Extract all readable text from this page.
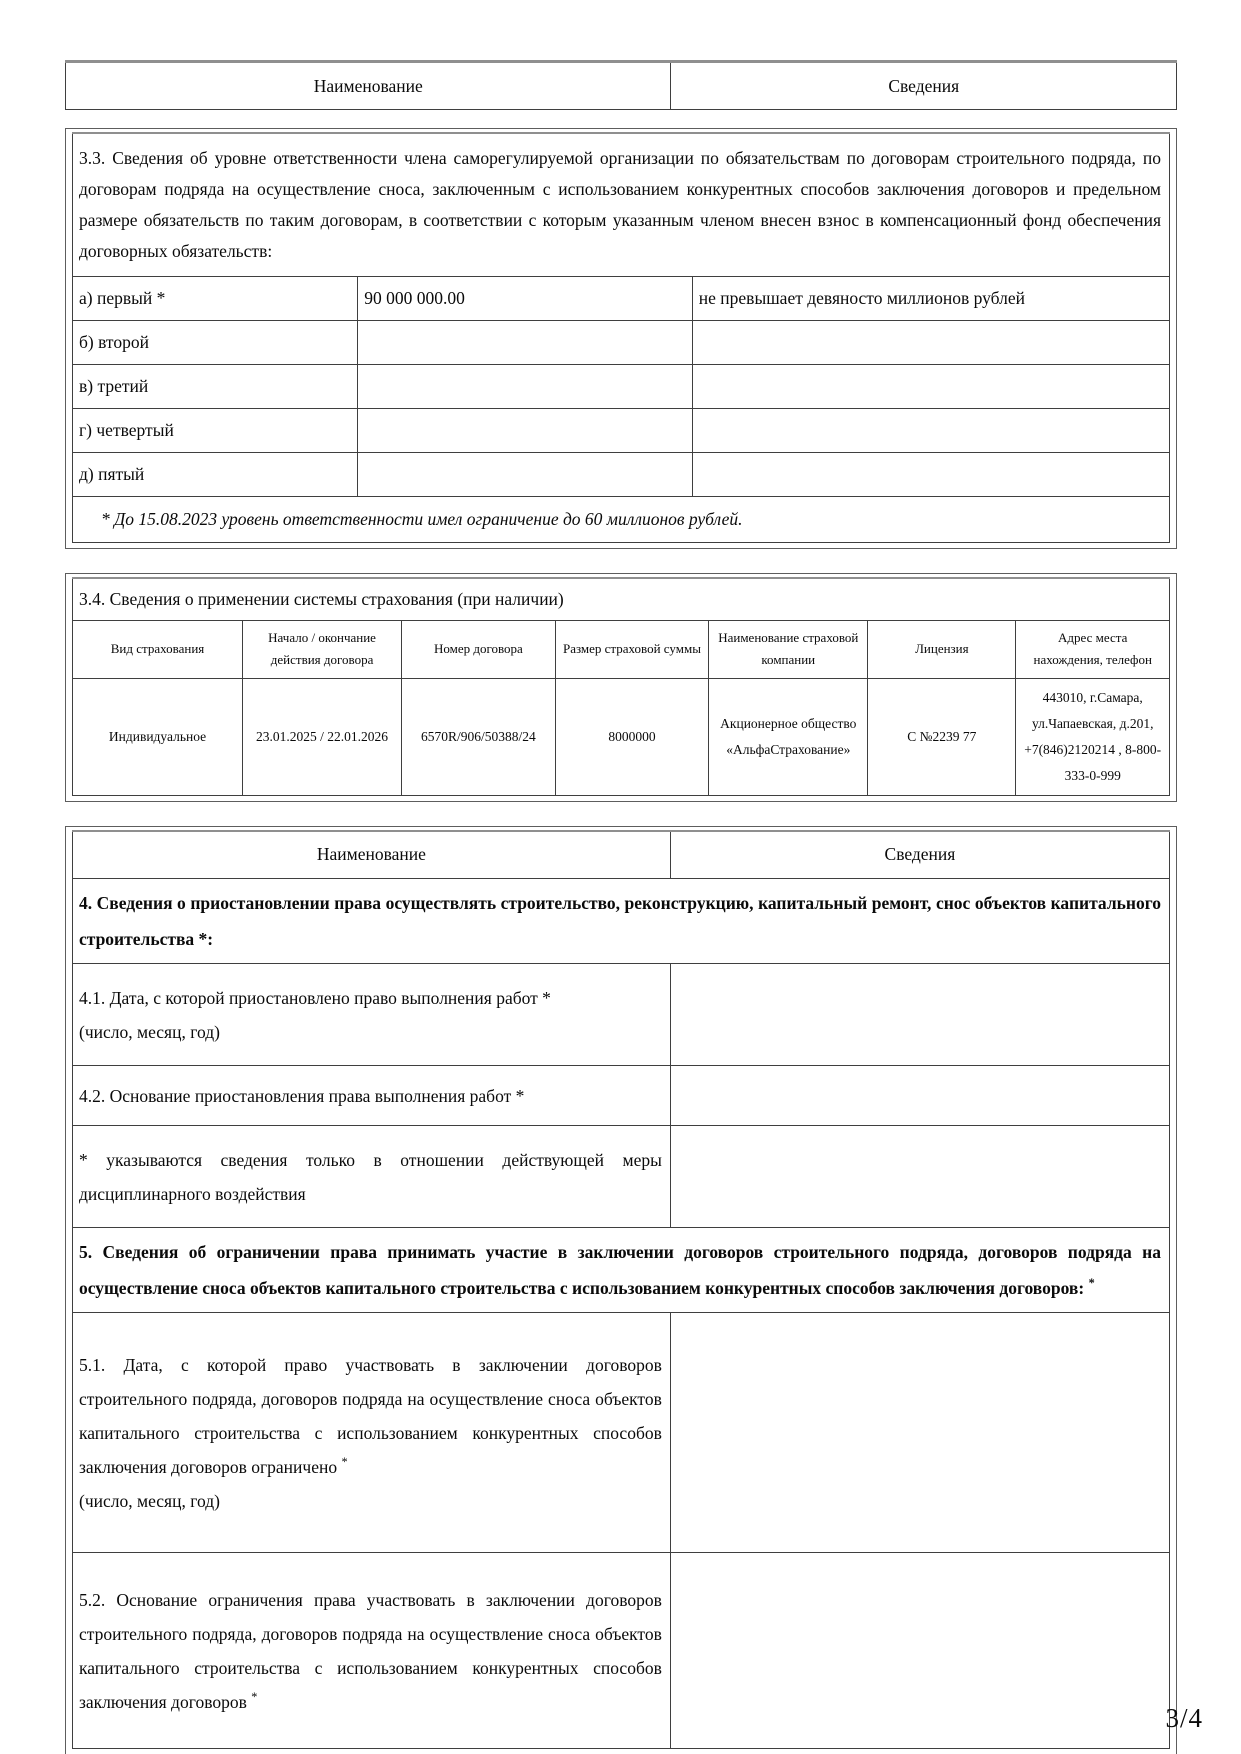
Наименование	Сведения
3.3. Сведения об уровне ответственности члена саморегулируемой организации по обязательствам по договорам строительного подряда, по договорам подряда на осуществление сноса, заключенным с использованием конкурентных способов заключения договоров и предельном размере обязательств по таким договорам, в соответствии с которым указанным членом внесен взнос в компенсационный фонд обеспечения договорных обязательств:		
а) первый *	90 000 000.00	не превышает девяносто миллионов рублей
б) второй		
в) третий		
г) четвертый		
д) пятый		
* До 15.08.2023 уровень ответственности имел ограничение до 60 миллионов рублей.		
3.4. Сведения о применении системы страхования (при наличии)						
Вид страхования	Начало / окончание действия договора	Номер договора	Размер страховой суммы	Наименование страховой компании	Лицензия	Адрес места нахождения, телефон
Индивидуальное	23.01.2025 / 22.01.2026	6570R/906/50388/24	8000000	Акционерное общество «АльфаСтрахование»	С №2239 77	443010, г.Самара, ул.Чапаевская, д.201, +7(846)2120214 , 8-800-333-0-999
Наименование	Сведения
4. Сведения о приостановлении права осуществлять строительство, реконструкцию, капитальный ремонт, снос объектов капитального строительства *:	
4.1. Дата, с которой приостановлено право выполнения работ *
(число, месяц, год)	

4.2. Основание приостановления права выполнения работ *	
* указываются сведения только в отношении действующей меры дисциплинарного воздействия	
5. Сведения об ограничении права принимать участие в заключении договоров строительного подряда, договоров подряда на осуществление сноса объектов капитального строительства с использованием конкурентных способов заключения договоров: *
5.1. Дата, с которой право участвовать в заключении договоров строительного подряда, договоров подряда на осуществление сноса объектов капитального строительства с использованием конкурентных способов заключения договоров ограничено *
(число, месяц, год)	

5.2. Основание ограничения права участвовать в заключении договоров строительного подряда, договоров подряда на осуществление сноса объектов капитального строительства с использованием конкурентных способов заключения договоров *	
3/4
